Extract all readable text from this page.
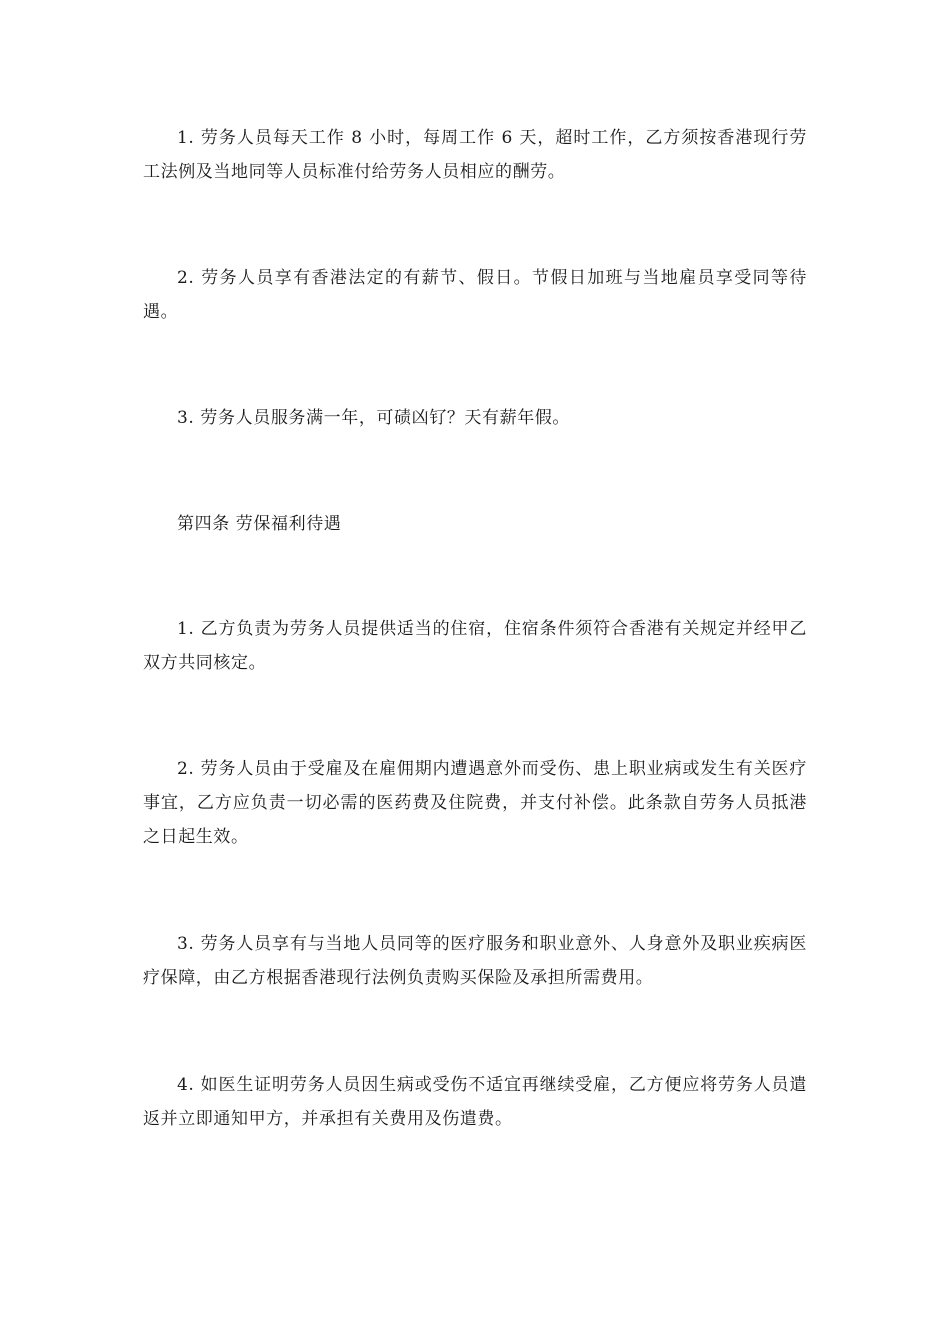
1. 劳务人员每天工作 8 小时，每周工作 6 天，超时工作，乙方须按香港现行劳工法例及当地同等人员标准付给劳务人员相应的酬劳。

2. 劳务人员享有香港法定的有薪节、假日。节假日加班与当地雇员享受同等待遇。

3. 劳务人员服务满一年，可碛凶钌？天有薪年假。

第四条 劳保福利待遇

1. 乙方负责为劳务人员提供适当的住宿，住宿条件须符合香港有关规定并经甲乙双方共同核定。

2. 劳务人员由于受雇及在雇佣期内遭遇意外而受伤、患上职业病或发生有关医疗事宜，乙方应负责一切必需的医药费及住院费，并支付补偿。此条款自劳务人员抵港之日起生效。

3. 劳务人员享有与当地人员同等的医疗服务和职业意外、人身意外及职业疾病医疗保障，由乙方根据香港现行法例负责购买保险及承担所需费用。

4. 如医生证明劳务人员因生病或受伤不适宜再继续受雇，乙方便应将劳务人员遣返并立即通知甲方，并承担有关费用及伤遣费。
